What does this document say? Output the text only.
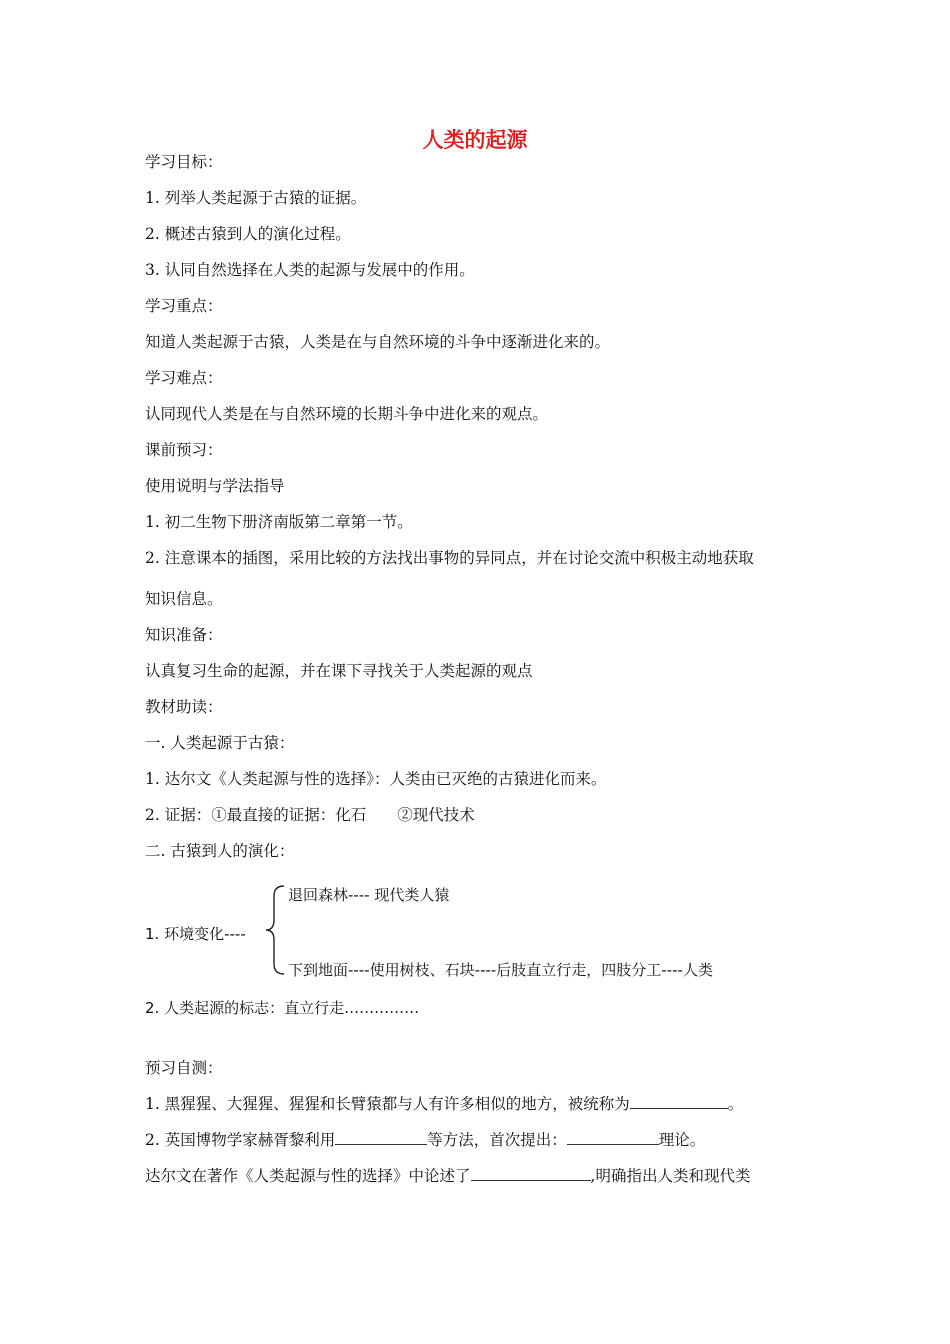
人类的起源
学习目标：
1. 列举人类起源于古猿的证据。
2. 概述古猿到人的演化过程。
3. 认同自然选择在人类的起源与发展中的作用。
学习重点：
知道人类起源于古猿，人类是在与自然环境的斗争中逐渐进化来的。
学习难点：
认同现代人类是在与自然环境的长期斗争中进化来的观点。
课前预习：
使用说明与学法指导
1. 初二生物下册济南版第二章第一节。
2. 注意课本的插图，采用比较的方法找出事物的异同点，并在讨论交流中积极主动地获取
知识信息。
知识准备：
认真复习生命的起源，并在课下寻找关于人类起源的观点
教材助读：
一. 人类起源于古猿：
1. 达尔文《人类起源与性的选择》：人类由已灭绝的古猿进化而来。
2. 证据：①最直接的证据：化石　　②现代技术
二. 古猿到人的演化：
1. 环境变化----
退回森林---- 现代类人猿
下到地面----使用树枝、石块----后肢直立行走，四肢分工----人类
2. 人类起源的标志：直立行走……………
预习自测：
1. 黑猩猩、大猩猩、猩猩和长臂猿都与人有许多相似的地方，被统称为	。
2. 英国博物学家赫胥黎利用	等方法，首次提出：	理论。
达尔文在著作《人类起源与性的选择》中论述了	,明确指出人类和现代类
